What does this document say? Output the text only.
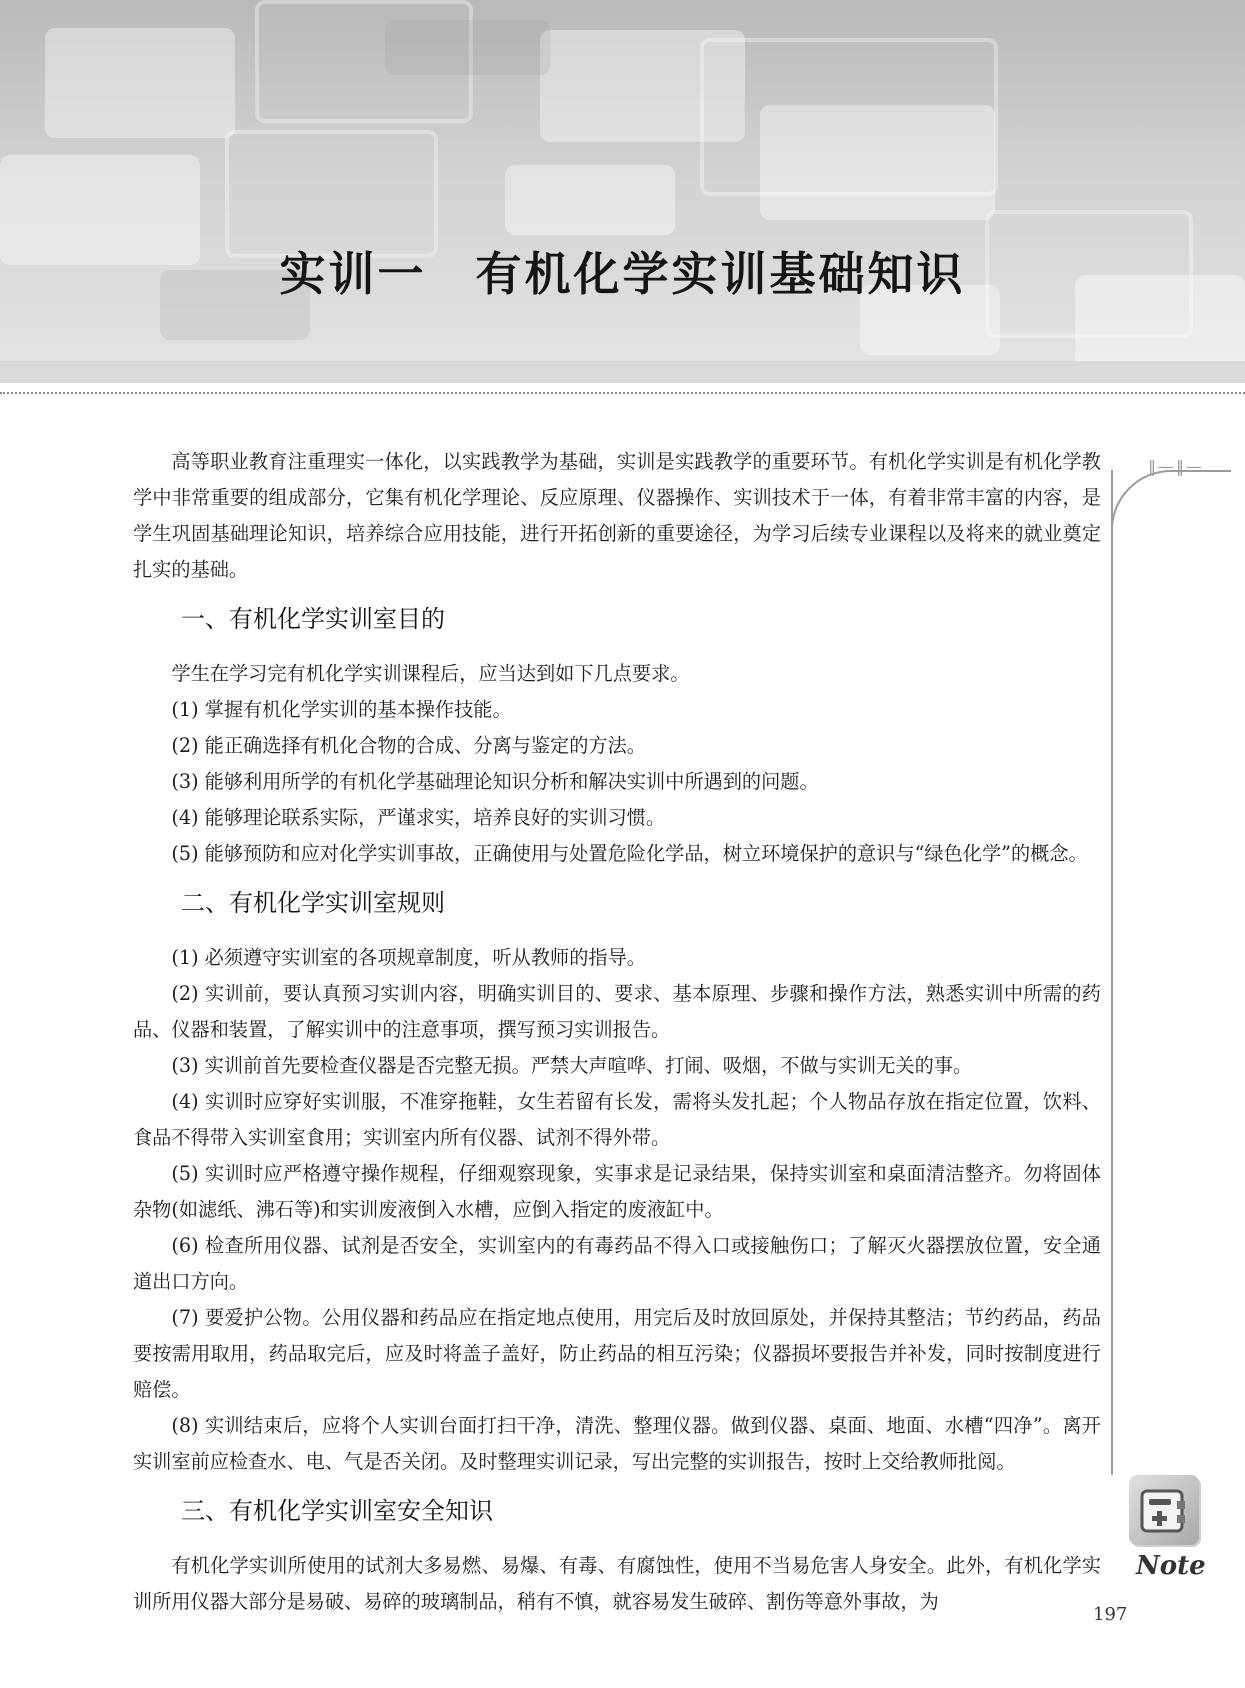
实训一　有机化学实训基础知识
‖—‖—
Note

高等职业教育注重理实一体化，以实践教学为基础，实训是实践教学的重要环节。有机化学实训是有机化学教学中非常重要的组成部分，它集有机化学理论、反应原理、仪器操作、实训技术于一体，有着非常丰富的内容，是学生巩固基础理论知识，培养综合应用技能，进行开拓创新的重要途径，为学习后续专业课程以及将来的就业奠定扎实的基础。

一、有机化学实训室目的

学生在学习完有机化学实训课程后，应当达到如下几点要求。

(1) 掌握有机化学实训的基本操作技能。

(2) 能正确选择有机化合物的合成、分离与鉴定的方法。

(3) 能够利用所学的有机化学基础理论知识分析和解决实训中所遇到的问题。

(4) 能够理论联系实际，严谨求实，培养良好的实训习惯。

(5) 能够预防和应对化学实训事故，正确使用与处置危险化学品，树立环境保护的意识与“绿色化学”的概念。

二、有机化学实训室规则

(1) 必须遵守实训室的各项规章制度，听从教师的指导。

(2) 实训前，要认真预习实训内容，明确实训目的、要求、基本原理、步骤和操作方法，熟悉实训中所需的药品、仪器和装置，了解实训中的注意事项，撰写预习实训报告。

(3) 实训前首先要检查仪器是否完整无损。严禁大声喧哗、打闹、吸烟，不做与实训无关的事。

(4) 实训时应穿好实训服，不准穿拖鞋，女生若留有长发，需将头发扎起；个人物品存放在指定位置，饮料、食品不得带入实训室食用；实训室内所有仪器、试剂不得外带。

(5) 实训时应严格遵守操作规程，仔细观察现象，实事求是记录结果，保持实训室和桌面清洁整齐。勿将固体杂物(如滤纸、沸石等)和实训废液倒入水槽，应倒入指定的废液缸中。

(6) 检查所用仪器、试剂是否安全，实训室内的有毒药品不得入口或接触伤口；了解灭火器摆放位置，安全通道出口方向。

(7) 要爱护公物。公用仪器和药品应在指定地点使用，用完后及时放回原处，并保持其整洁；节约药品，药品要按需用取用，药品取完后，应及时将盖子盖好，防止药品的相互污染；仪器损坏要报告并补发，同时按制度进行赔偿。

(8) 实训结束后，应将个人实训台面打扫干净，清洗、整理仪器。做到仪器、桌面、地面、水槽“四净”。离开实训室前应检查水、电、气是否关闭。及时整理实训记录，写出完整的实训报告，按时上交给教师批阅。

三、有机化学实训室安全知识

有机化学实训所使用的试剂大多易燃、易爆、有毒、有腐蚀性，使用不当易危害人身安全。此外，有机化学实训所用仪器大部分是易破、易碎的玻璃制品，稍有不慎，就容易发生破碎、割伤等意外事故，为

197
